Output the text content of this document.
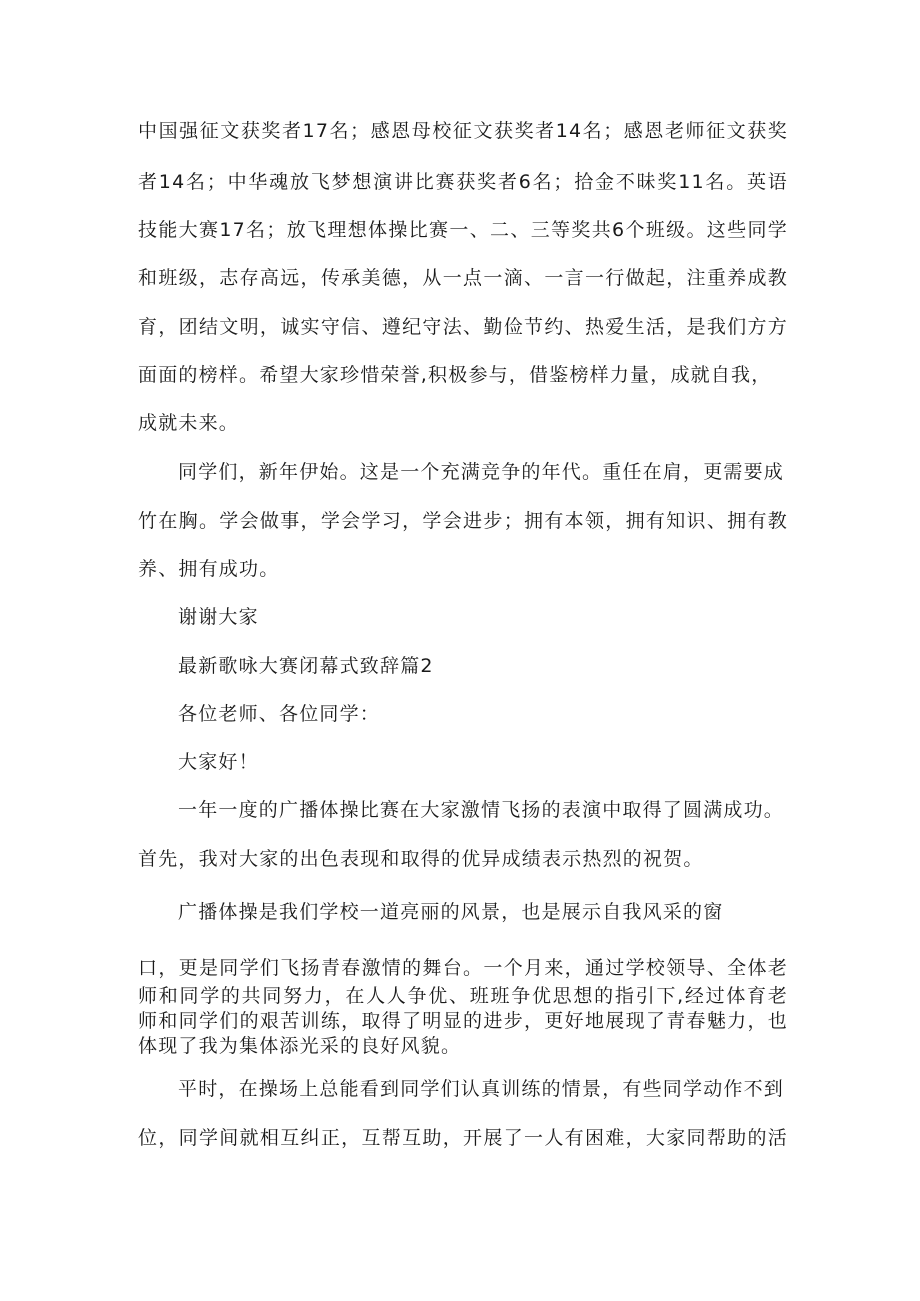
中国强征文获奖者17名；感恩母校征文获奖者14名；感恩老师征文获奖
者14名；中华魂放飞梦想演讲比赛获奖者6名；拾金不昧奖11名。英语
技能大赛17名；放飞理想体操比赛一、二、三等奖共6个班级。这些同学
和班级，志存高远，传承美德，从一点一滴、一言一行做起，注重养成教
育，团结文明，诚实守信、遵纪守法、勤俭节约、热爱生活，是我们方方
面面的榜样。希望大家珍惜荣誉,积极参与，借鉴榜样力量，成就自我，
成就未来。
同学们，新年伊始。这是一个充满竞争的年代。重任在肩，更需要成
竹在胸。学会做事，学会学习，学会进步；拥有本领，拥有知识、拥有教
养、拥有成功。
谢谢大家
最新歌咏大赛闭幕式致辞篇2
各位老师、各位同学：
大家好！
一年一度的广播体操比赛在大家激情飞扬的表演中取得了圆满成功。
首先，我对大家的出色表现和取得的优异成绩表示热烈的祝贺。
广播体操是我们学校一道亮丽的风景，也是展示自我风采的窗
口，更是同学们飞扬青春激情的舞台。一个月来，通过学校领导、全体老
师和同学的共同努力，在人人争优、班班争优思想的指引下,经过体育老
师和同学们的艰苦训练，取得了明显的进步，更好地展现了青春魅力，也
体现了我为集体添光采的良好风貌。
平时，在操场上总能看到同学们认真训练的情景，有些同学动作不到
位，同学间就相互纠正，互帮互助，开展了一人有困难，大家同帮助的活
